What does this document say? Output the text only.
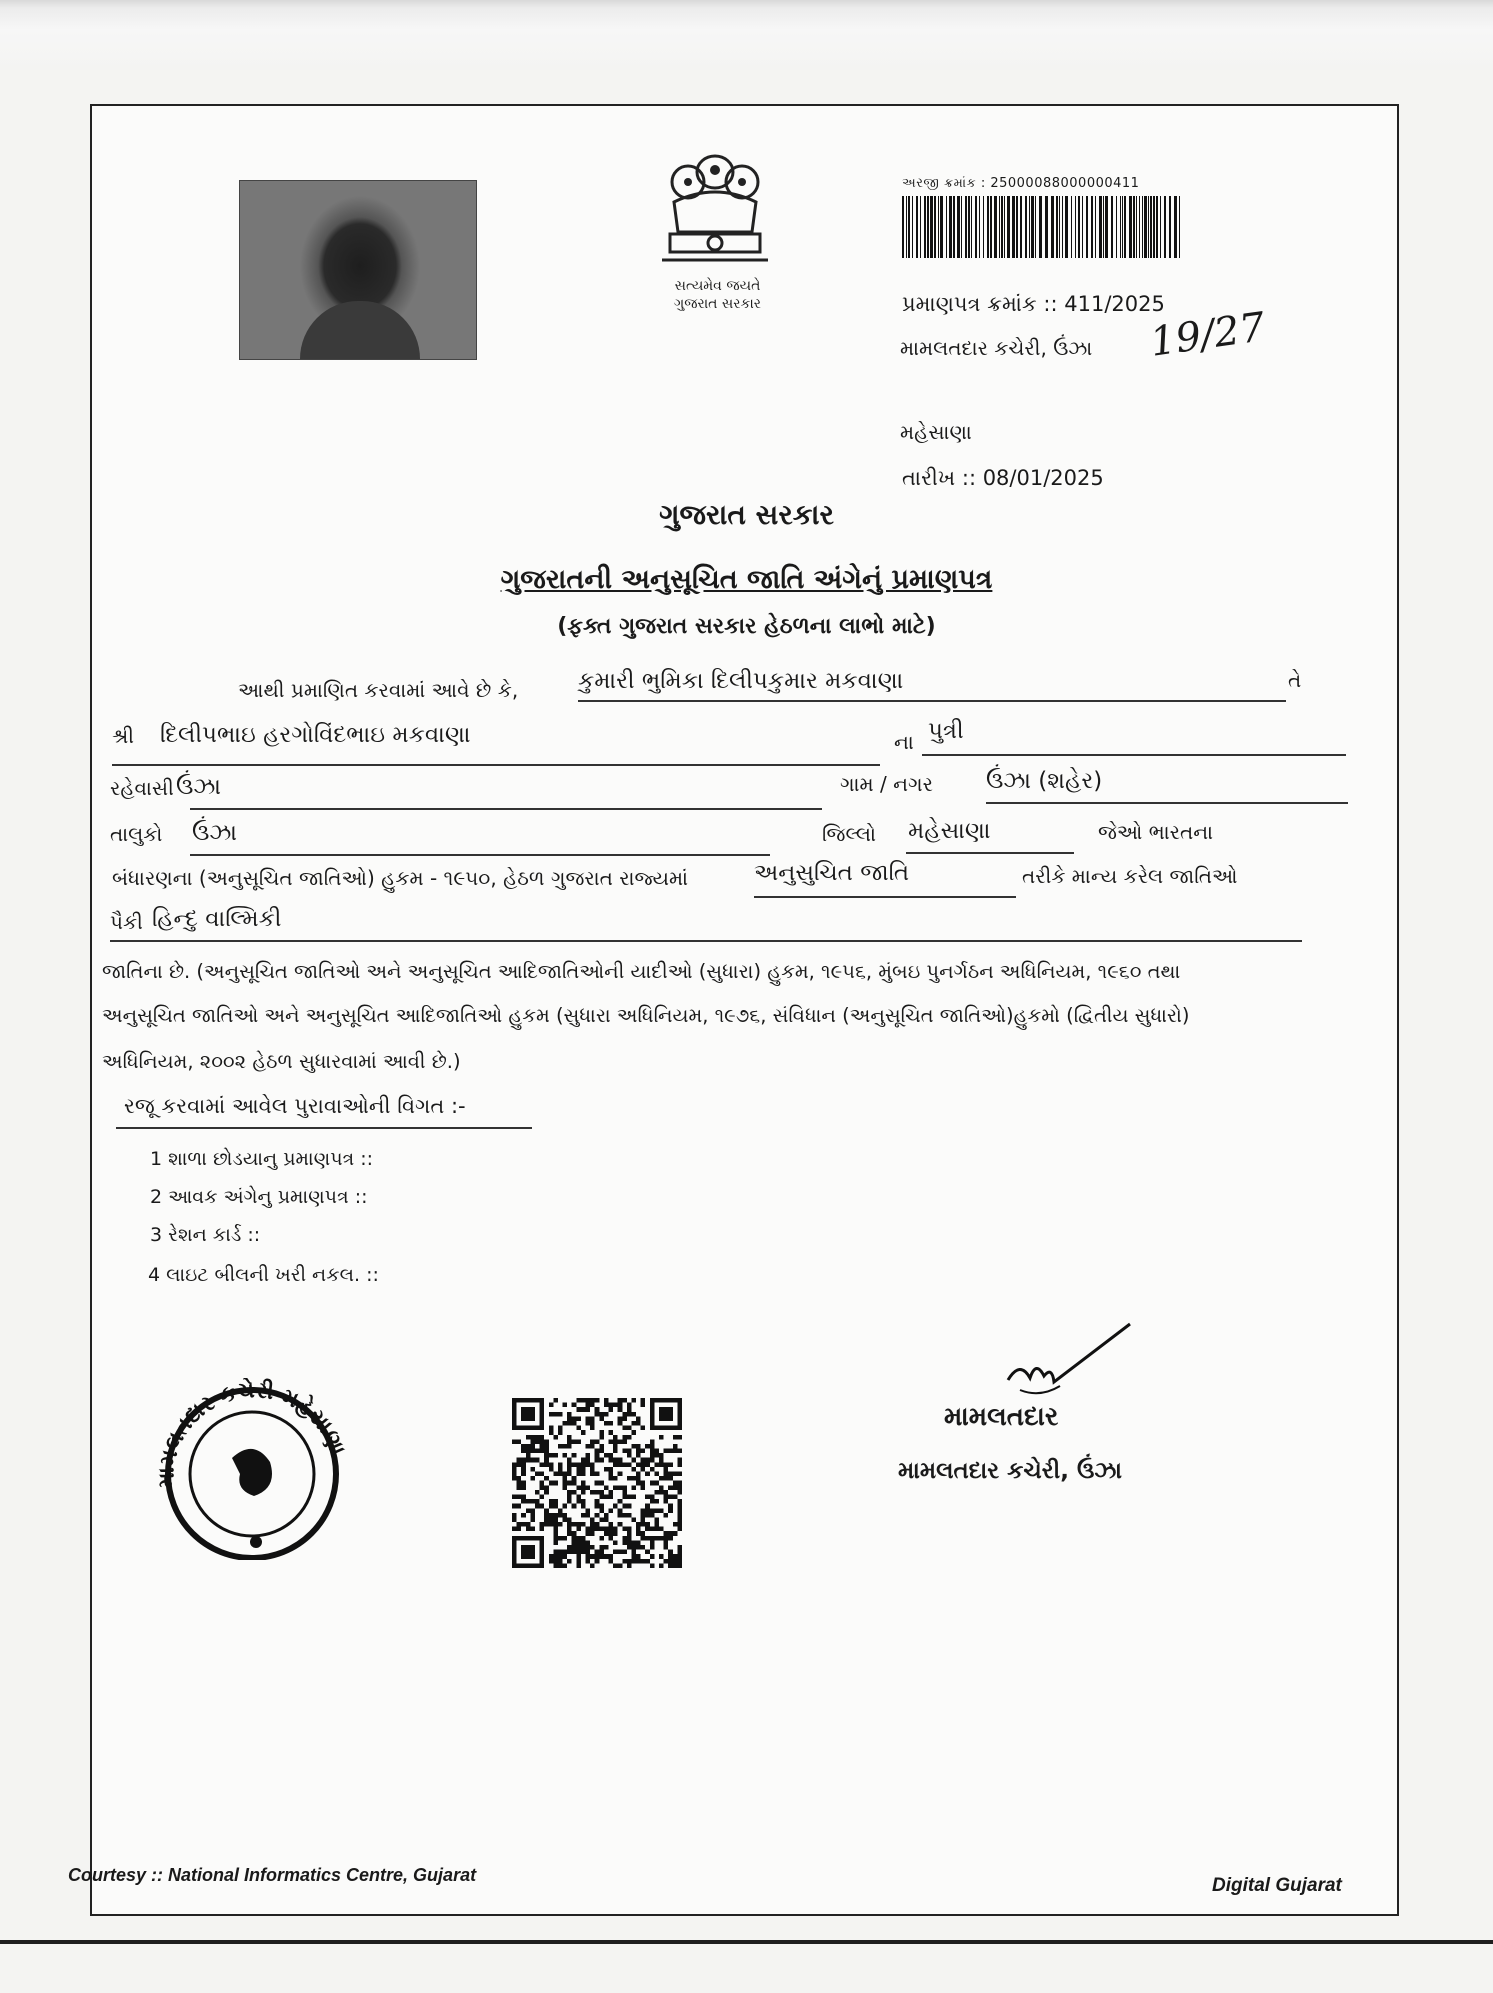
સત્યમેવ જયતે
ગુજરાત સરકાર
અરજી ક્રમાંક : 25000088000000411
પ્રમાણપત્ર ક્રમાંક :: 411/2025
મામલતદાર કચેરી, ઉંઝા 19/27
મહેસાણા
તારીખ :: 08/01/2025
ગુજરાત સરકાર
ગુજરાતની અનુસૂચિત જાતિ અંગેનું પ્રમાણપત્ર
(ફક્ત ગુજરાત સરકાર હેઠળના લાભો માટે)
આથી પ્રમાણિત કરવામાં આવે છે કે,	કુમારી ભુમિકા દિલીપકુમાર મકવાણા	તે
શ્રી દિલીપભાઇ હરગોવિંદભાઇ મકવાણા	ના પુત્રી
રહેવાસી ઉંઝા	ગામ / નગર ઉંઝા (શહેર)
તાલુકો ઉંઝા	જિલ્લો મહેસાણા	જેઓ ભારતના
બંધારણના (અનુસૂચિત જાતિઓ) હુકમ - ૧૯૫૦, હેઠળ ગુજરાત રાજ્યમાં	અનુસુચિત જાતિ	તરીકે માન્ય કરેલ જાતિઓ
પૈકી હિન્દુ વાલ્મિકી
જાતિના છે. (અનુસૂચિત જાતિઓ અને અનુસૂચિત આદિજાતિઓની યાદીઓ (સુધારા) હુકમ, ૧૯૫૬, મુંબઇ પુનર્ગઠન અધિનિયમ, ૧૯૬૦ તથા
અનુસૂચિત જાતિઓ અને અનુસૂચિત આદિજાતિઓ હુકમ (સુધારા અધિનિયમ, ૧૯૭૬, સંવિધાન (અનુસૂચિત જાતિઓ)હુકમો (દ્વિતીય સુધારો)
અધિનિયમ, ૨૦૦૨ હેઠળ સુધારવામાં આવી છે.)
રજૂ કરવામાં આવેલ પુરાવાઓની વિગત :-
1 શાળા છોડયાનુ પ્રમાણપત્ર ::
2 આવક અંગેનુ પ્રમાણપત્ર ::
3 રેશન કાર્ડ ::
4 લાઇટ બીલની ખરી નકલ. ::
મામલતદાર કચેરી મહેસાણા
મામલતદાર
મામલતદાર કચેરી, ઉંઝા
Courtesy :: National Informatics Centre, Gujarat	Digital Gujarat
